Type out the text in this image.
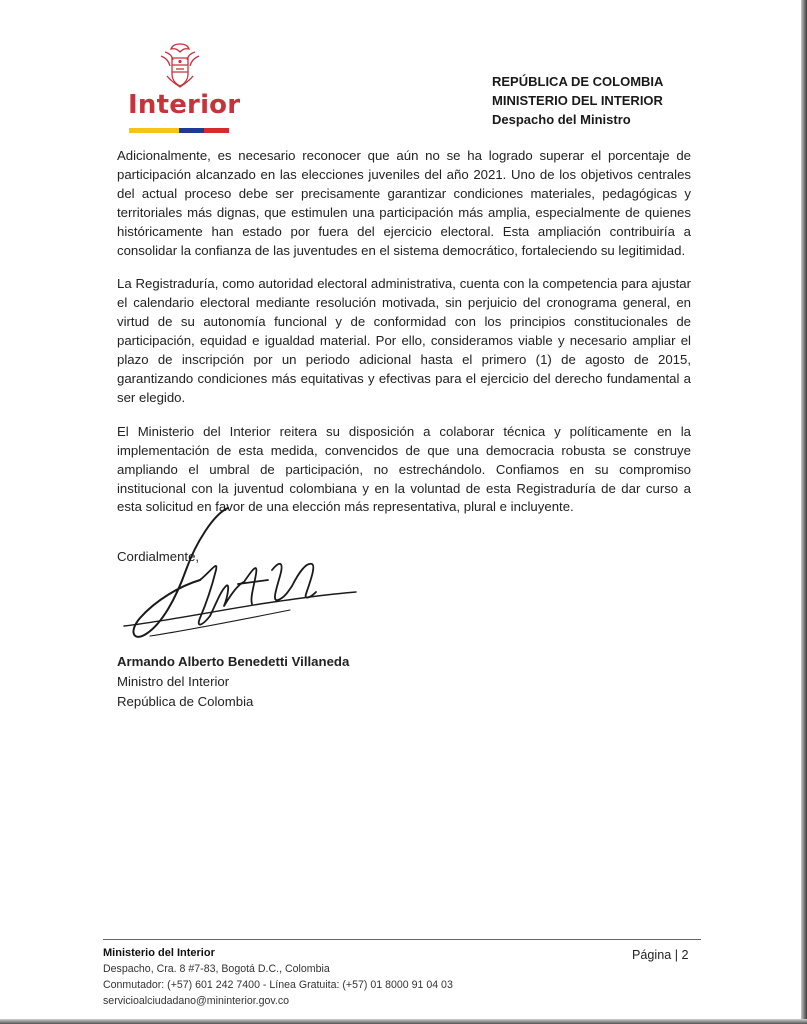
Interior
REPÚBLICA DE COLOMBIA
MINISTERIO DEL INTERIOR
Despacho del Ministro

Adicionalmente, es necesario reconocer que aún no se ha logrado superar el porcentaje de participación alcanzado en las elecciones juveniles del año 2021. Uno de los objetivos centrales del actual proceso debe ser precisamente garantizar condiciones materiales, pedagógicas y territoriales más dignas, que estimulen una participación más amplia, especialmente de quienes históricamente han estado por fuera del ejercicio electoral. Esta ampliación contribuiría a consolidar la confianza de las juventudes en el sistema democrático, fortaleciendo su legitimidad.

La Registraduría, como autoridad electoral administrativa, cuenta con la competencia para ajustar el calendario electoral mediante resolución motivada, sin perjuicio del cronograma general, en virtud de su autonomía funcional y de conformidad con los principios constitucionales de participación, equidad e igualdad material. Por ello, consideramos viable y necesario ampliar el plazo de inscripción por un periodo adicional hasta el primero (1) de agosto de 2015, garantizando condiciones más equitativas y efectivas para el ejercicio del derecho fundamental a ser elegido.

El Ministerio del Interior reitera su disposición a colaborar técnica y políticamente en la implementación de esta medida, convencidos de que una democracia robusta se construye ampliando el umbral de participación, no estrechándolo. Confiamos en su compromiso institucional con la juventud colombiana y en la voluntad de esta Registraduría de dar curso a esta solicitud en favor de una elección más representativa, plural e incluyente.

Cordialmente,
Armando Alberto Benedetti Villaneda
Ministro del Interior
República de Colombia
Ministerio del Interior
Despacho, Cra. 8 #7-83, Bogotá D.C., Colombia
Conmutador: (+57) 601 242 7400 - Línea Gratuita: (+57) 01 8000 91 04 03
servicioalciudadano@mininterior.gov.co
Página | 2
